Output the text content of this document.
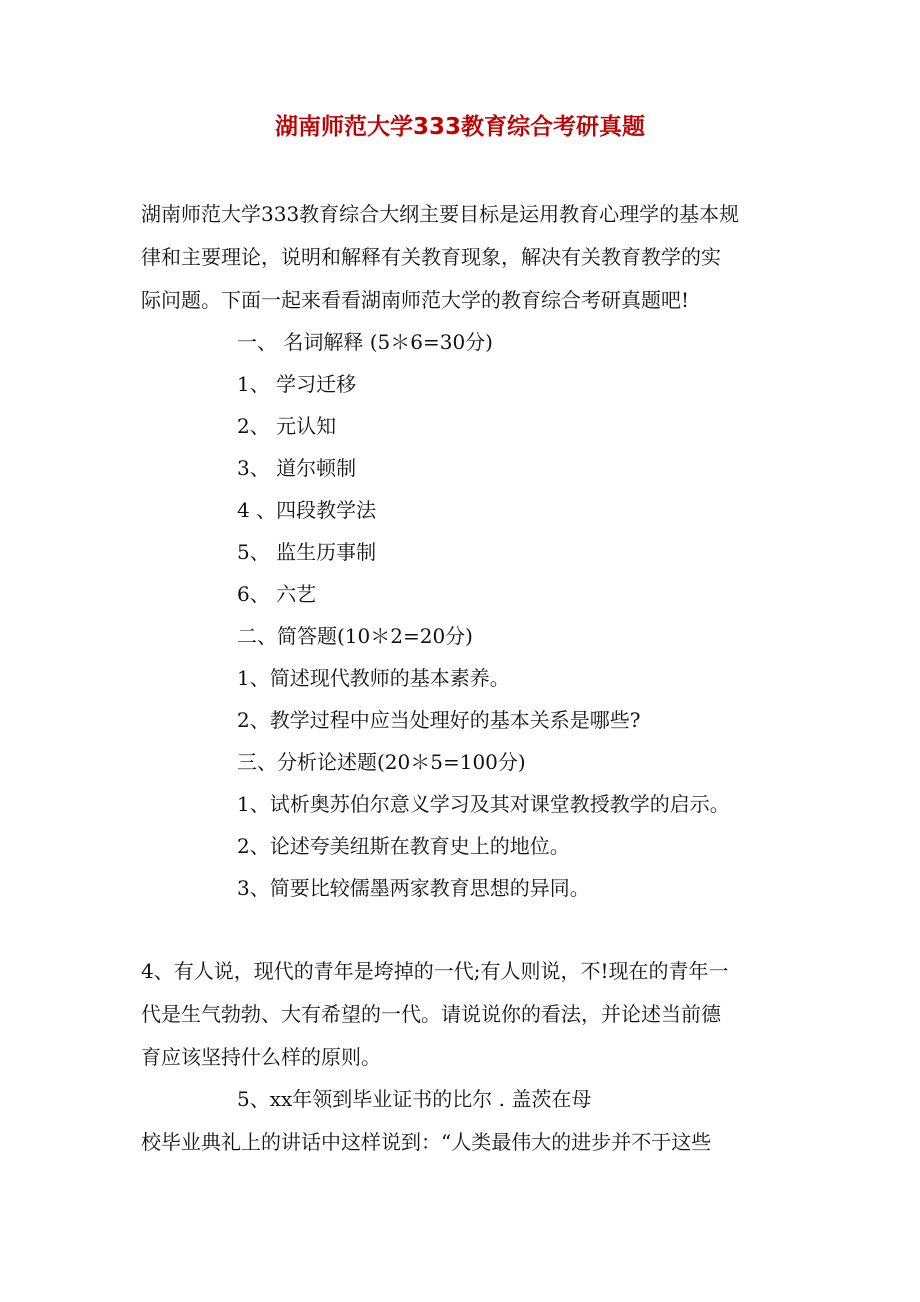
湖南师范大学333教育综合考研真题
湖南师范大学333教育综合大纲主要目标是运用教育心理学的基本规
律和主要理论，说明和解释有关教育现象，解决有关教育教学的实
际问题。下面一起来看看湖南师范大学的教育综合考研真题吧!
一、 名词解释 (5＊6=30分)
1、 学习迁移
2、 元认知
3、 道尔顿制
4 、四段教学法
5、 监生历事制
6、 六艺
二、简答题(10＊2=20分)
1、简述现代教师的基本素养。
2、教学过程中应当处理好的基本关系是哪些?
三、分析论述题(20＊5=100分)
1、试析奥苏伯尔意义学习及其对课堂教授教学的启示。
2、论述夸美纽斯在教育史上的地位。
3、简要比较儒墨两家教育思想的异同。
4、有人说，现代的青年是垮掉的一代;有人则说，不!现在的青年一
代是生气勃勃、大有希望的一代。请说说你的看法，并论述当前德
育应该坚持什么样的原则。
5、xx年领到毕业证书的比尔 . 盖茨在母
校毕业典礼上的讲话中这样说到：“人类最伟大的进步并不于这些
